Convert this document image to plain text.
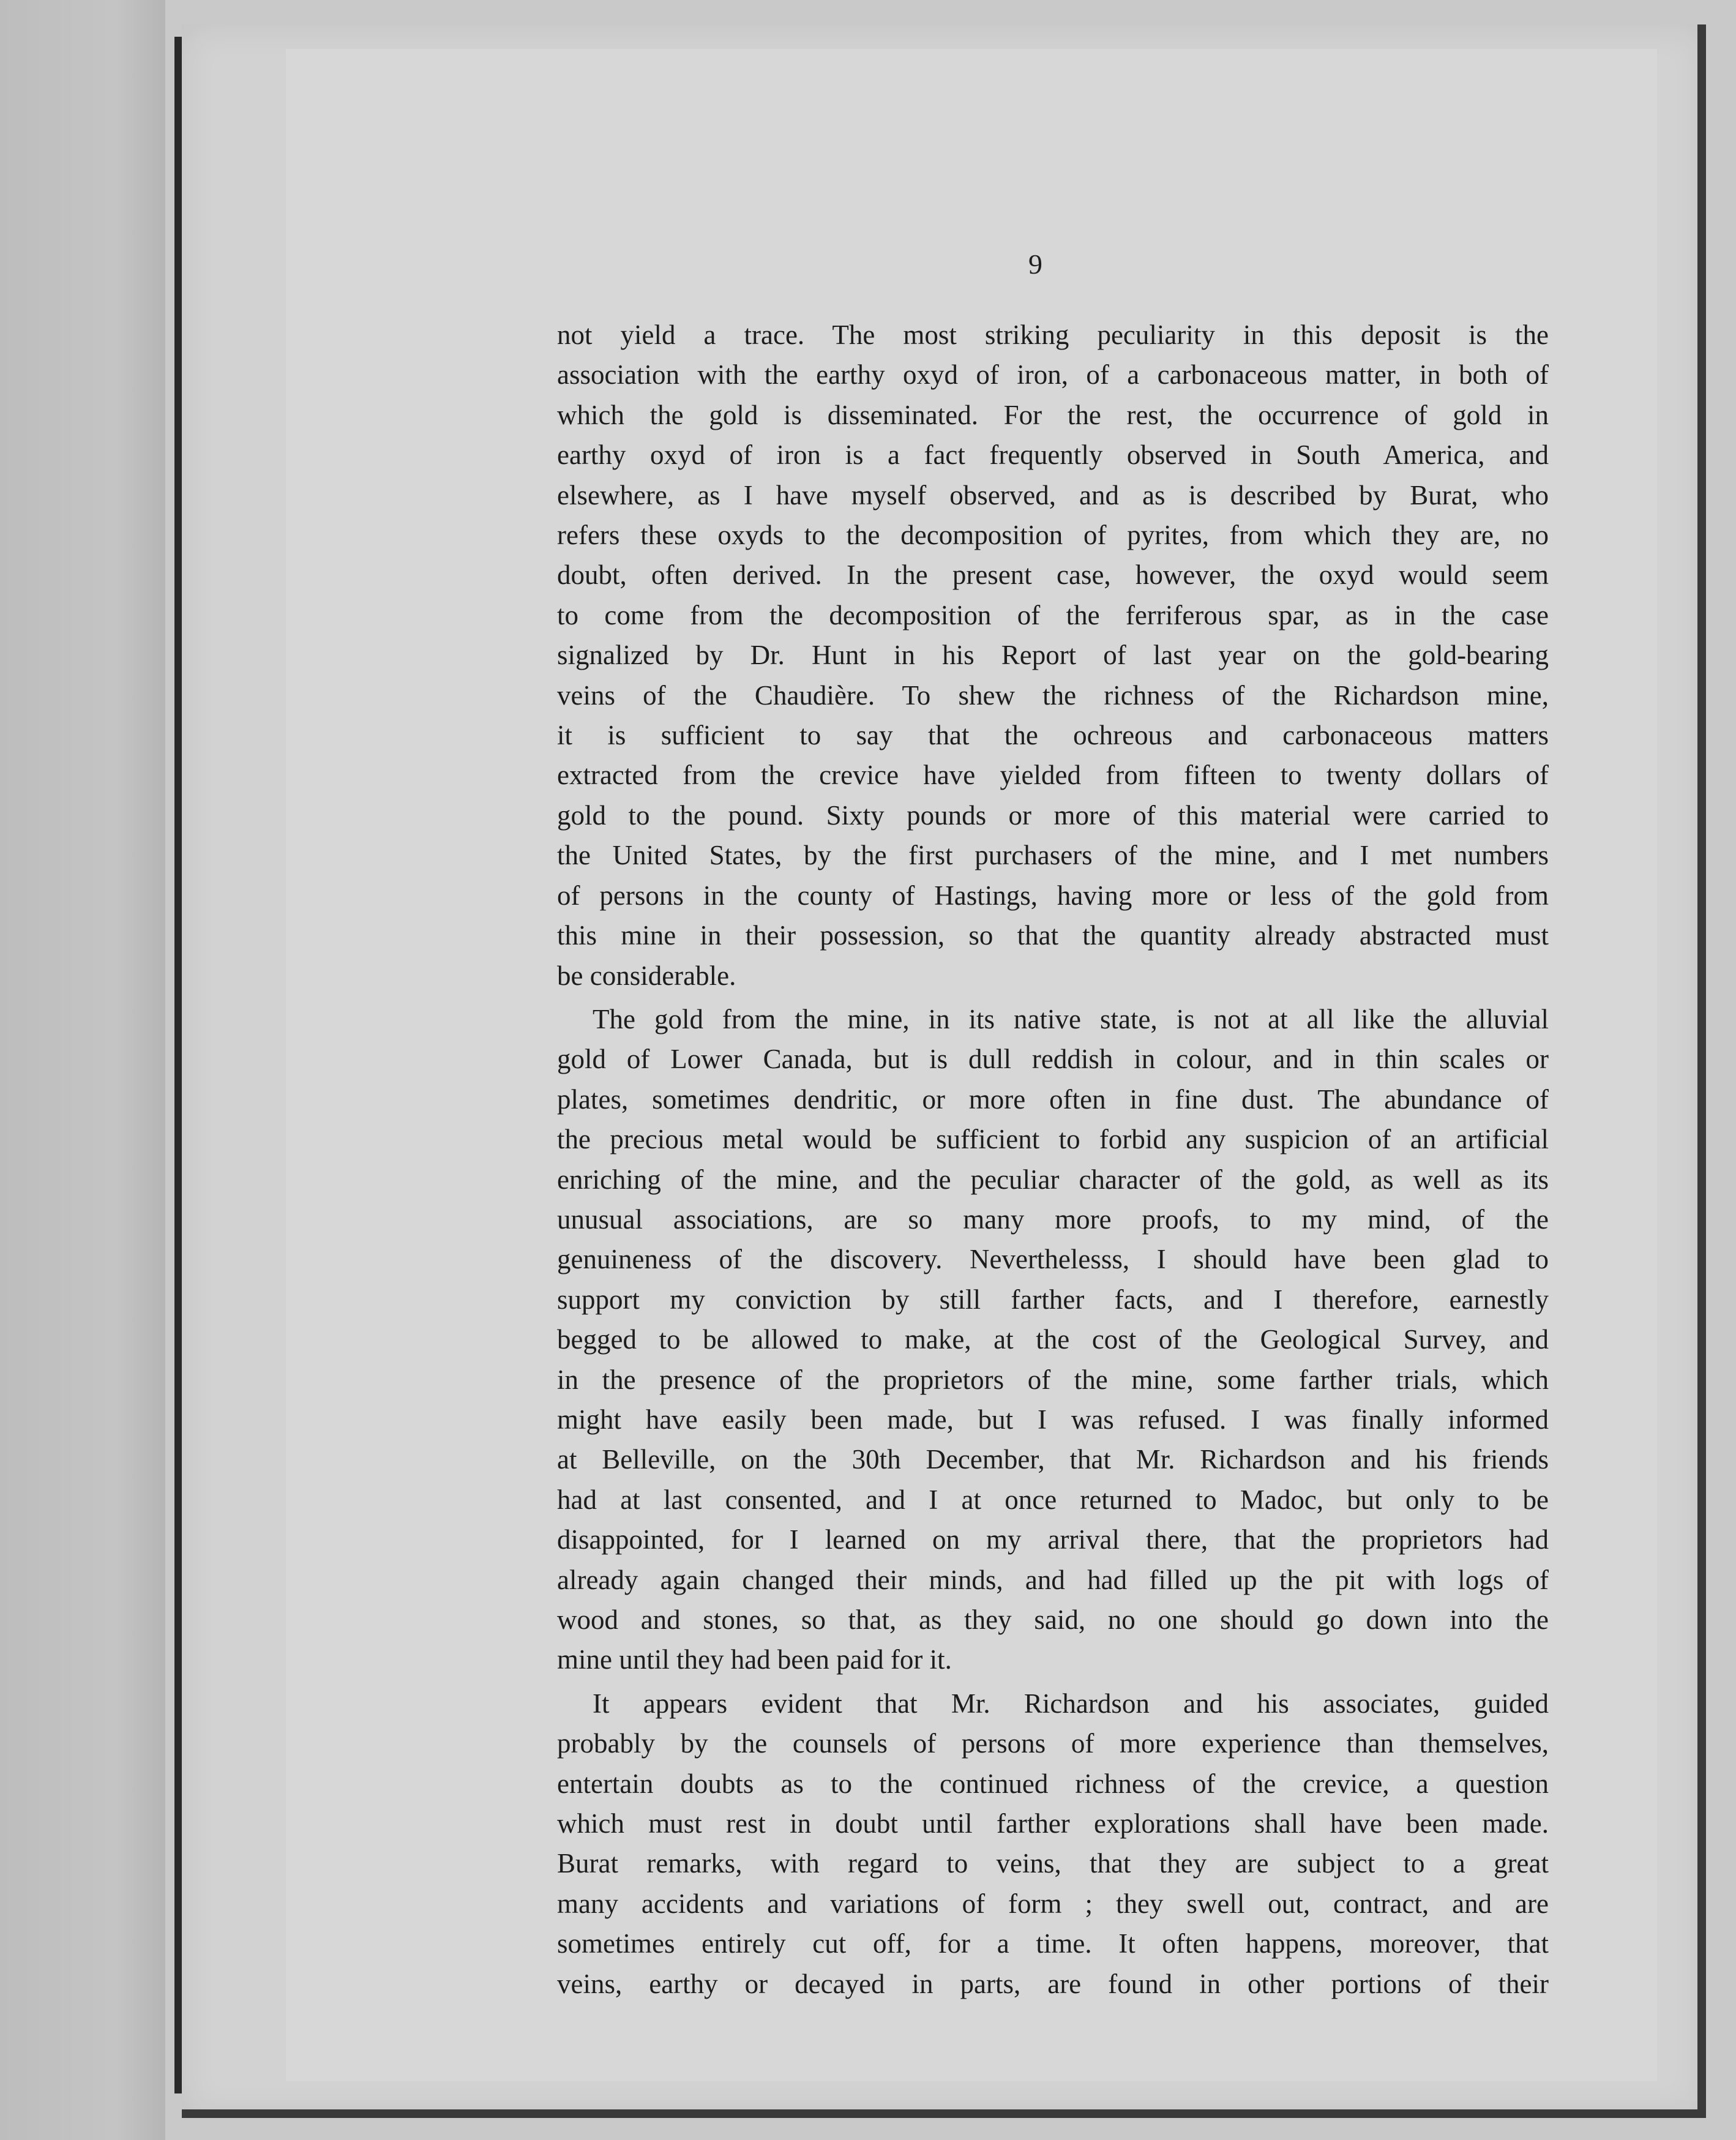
9
not yield a trace. The most striking peculiarity in this deposit is the
association with the earthy oxyd of iron, of a carbonaceous matter, in both of
which the gold is disseminated. For the rest, the occurrence of gold in
earthy oxyd of iron is a fact frequently observed in South America, and
elsewhere, as I have myself observed, and as is described by Burat, who
refers these oxyds to the decomposition of pyrites, from which they are, no
doubt, often derived. In the present case, however, the oxyd would seem
to come from the decomposition of the ferriferous spar, as in the case
signalized by Dr. Hunt in his Report of last year on the gold-bearing
veins of the Chaudière. To shew the richness of the Richardson mine,
it is sufficient to say that the ochreous and carbonaceous matters
extracted from the crevice have yielded from fifteen to twenty dollars of
gold to the pound. Sixty pounds or more of this material were carried to
the United States, by the first purchasers of the mine, and I met numbers
of persons in the county of Hastings, having more or less of the gold from
this mine in their possession, so that the quantity already abstracted must
be considerable.
The gold from the mine, in its native state, is not at all like the alluvial
gold of Lower Canada, but is dull reddish in colour, and in thin scales or
plates, sometimes dendritic, or more often in fine dust. The abundance of
the precious metal would be sufficient to forbid any suspicion of an artificial
enriching of the mine, and the peculiar character of the gold, as well as its
unusual associations, are so many more proofs, to my mind, of the
genuineness of the discovery. Neverthelesss, I should have been glad to
support my conviction by still farther facts, and I therefore, earnestly
begged to be allowed to make, at the cost of the Geological Survey, and
in the presence of the proprietors of the mine, some farther trials, which
might have easily been made, but I was refused. I was finally informed
at Belleville, on the 30th December, that Mr. Richardson and his friends
had at last consented, and I at once returned to Madoc, but only to be
disappointed, for I learned on my arrival there, that the proprietors had
already again changed their minds, and had filled up the pit with logs of
wood and stones, so that, as they said, no one should go down into the
mine until they had been paid for it.
It appears evident that Mr. Richardson and his associates, guided
probably by the counsels of persons of more experience than themselves,
entertain doubts as to the continued richness of the crevice, a question
which must rest in doubt until farther explorations shall have been made.
Burat remarks, with regard to veins, that they are subject to a great
many accidents and variations of form ; they swell out, contract, and are
sometimes entirely cut off, for a time. It often happens, moreover, that
veins, earthy or decayed in parts, are found in other portions of their
